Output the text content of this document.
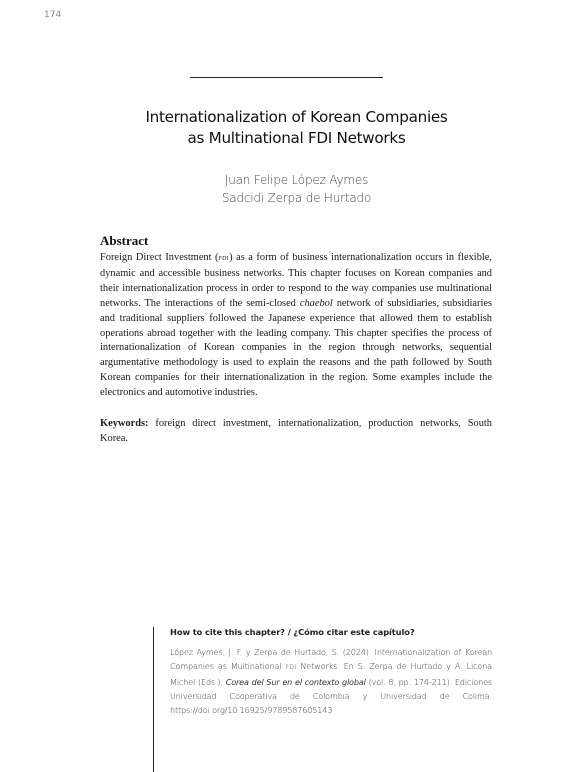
174
Internationalization of Korean Companies
as Multinational FDI Networks
Juan Felipe López Aymes
Sadcidi Zerpa de Hurtado
Abstract

Foreign Direct Investment (FDI) as a form of business internationalization occurs in flexible, dynamic and accessible business networks. This chapter focuses on Korean companies and their internationalization process in order to respond to the way companies use multinational networks. The interactions of the semi-closed chaebol network of subsidiaries, subsidiaries and traditional suppliers followed the Japanese experience that allowed them to establish operations abroad together with the leading company. This chapter specifies the process of internationalization of Korean companies in the region through networks, sequential argumentative methodology is used to explain the reasons and the path followed by South Korean companies for their internationalization in the region. Some examples include the electronics and automotive industries.

Keywords: foreign direct investment, internationalization, production networks, South Korea.

How to cite this chapter? / ¿Cómo citar este capítulo?

López Aymes, J. F. y Zerpa de Hurtado, S. (2024). Internationalization of Korean Companies as Multinational FDI Networks. En S. Zerpa de Hurtado y A. Licona Michel (Eds.), Corea del Sur en el contexto global (vol. 8, pp. 174-211). Ediciones Universidad Cooperativa de Colombia y Universidad de Colima. https://doi.org/10.16925/9789587605143
